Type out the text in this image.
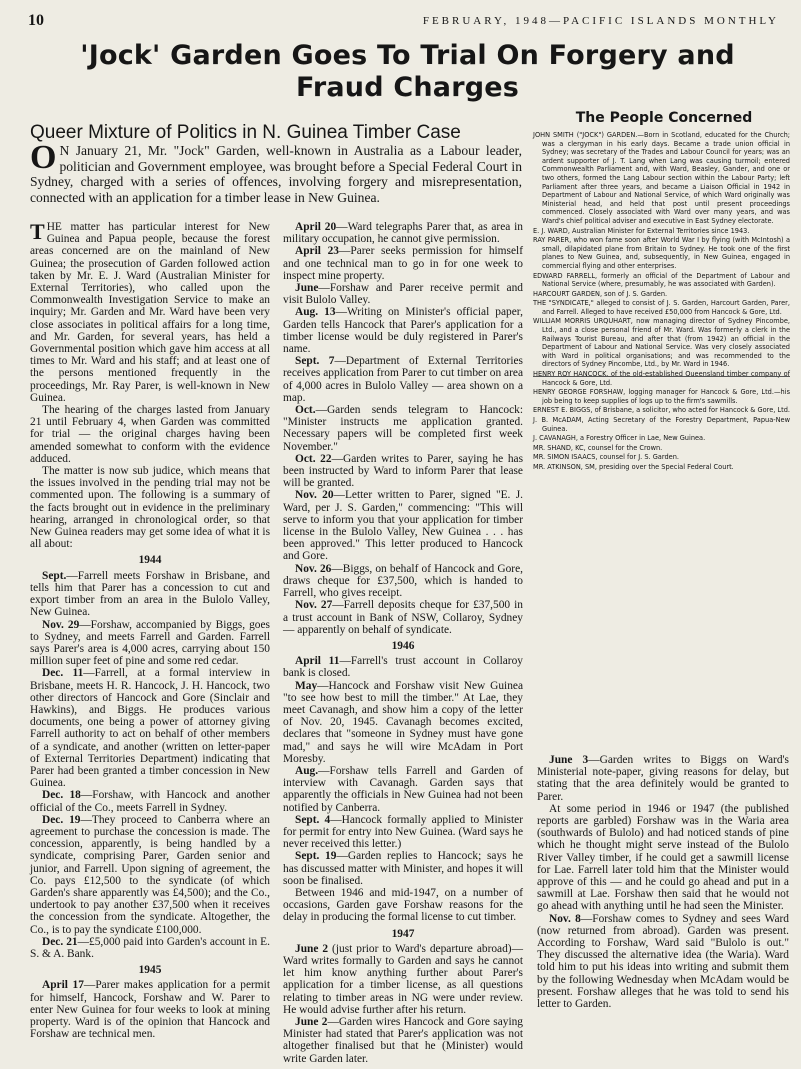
10	FEBRUARY, 1948—PACIFIC ISLANDS MONTHLY
'Jock' Garden Goes To Trial On Forgery and Fraud Charges
Queer Mixture of Politics in N. Guinea Timber Case
O N January 21, Mr. "Jock" Garden, well-known in Australia as a Labour leader, politician and Government employee, was brought before a Special Federal Court in Sydney, charged with a series of offences, involving forgery and misrepresentation, connected with an application for a timber lease in New Guinea.
The People Concerned

JOHN SMITH ("JOCK") GARDEN.—Born in Scotland, educated for the Church; was a clergyman in his early days. Became a trade union official in Sydney; was secretary of the Trades and Labour Council for years; was an ardent supporter of J. T. Lang when Lang was causing turmoil; entered Commonwealth Parliament and, with Ward, Beasley, Gander, and one or two others, formed the Lang Labour section within the Labour Party; left Parliament after three years, and became a Liaison Official in 1942 in Department of Labour and National Service, of which Ward originally was Ministerial head, and held that post until present proceedings commenced. Closely associated with Ward over many years, and was Ward's chief political adviser and executive in East Sydney electorate.

E. J. WARD, Australian Minister for External Territories since 1943.

RAY PARER, who won fame soon after World War I by flying (with McIntosh) a small, dilapidated plane from Britain to Sydney. He took one of the first planes to New Guinea, and, subsequently, in New Guinea, engaged in commercial flying and other enterprises.

EDWARD FARRELL, formerly an official of the Department of Labour and National Service (where, presumably, he was associated with Garden).

HARCOURT GARDEN, son of J. S. Garden.

THE "SYNDICATE," alleged to consist of J. S. Garden, Harcourt Garden, Parer, and Farrell. Alleged to have received £50,000 from Hancock & Gore, Ltd.

WILLIAM MORRIS URQUHART, now managing director of Sydney Pincombe, Ltd., and a close personal friend of Mr. Ward. Was formerly a clerk in the Railways Tourist Bureau, and after that (from 1942) an official in the Department of Labour and National Service. Was very closely associated with Ward in political organisations; and was recommended to the directors of Sydney Pincombe, Ltd., by Mr. Ward in 1946.

HENRY ROY HANCOCK, of the old-established Queensland timber company of Hancock & Gore, Ltd.

HENRY GEORGE FORSHAW, logging manager for Hancock & Gore, Ltd.—his job being to keep supplies of logs up to the firm's sawmills.

ERNEST E. BIGGS, of Brisbane, a solicitor, who acted for Hancock & Gore, Ltd.

J. B. McADAM, Acting Secretary of the Forestry Department, Papua-New Guinea.

J. CAVANAGH, a Forestry Officer in Lae, New Guinea.

MR. SHAND, KC, counsel for the Crown.

MR. SIMON ISAACS, counsel for J. S. Garden.

MR. ATKINSON, SM, presiding over the Special Federal Court.

THE matter has particular interest for New Guinea and Papua people, because the forest areas concerned are on the mainland of New Guinea; the prosecution of Garden followed action taken by Mr. E. J. Ward (Australian Minister for External Territories), who called upon the Commonwealth Investigation Service to make an inquiry; Mr. Garden and Mr. Ward have been very close associates in political affairs for a long time, and Mr. Garden, for several years, has held a Governmental position which gave him access at all times to Mr. Ward and his staff; and at least one of the persons mentioned frequently in the proceedings, Mr. Ray Parer, is well-known in New Guinea.

The hearing of the charges lasted from January 21 until February 4, when Garden was committed for trial — the original charges having been amended somewhat to conform with the evidence adduced.

The matter is now sub judice, which means that the issues involved in the pending trial may not be commented upon. The following is a summary of the facts brought out in evidence in the preliminary hearing, arranged in chronological order, so that New Guinea readers may get some idea of what it is all about:

1944

Sept.—Farrell meets Forshaw in Brisbane, and tells him that Parer has a concession to cut and export timber from an area in the Bulolo Valley, New Guinea.

Nov. 29—Forshaw, accompanied by Biggs, goes to Sydney, and meets Farrell and Garden. Farrell says Parer's area is 4,000 acres, carrying about 150 million super feet of pine and some red cedar.

Dec. 11—Farrell, at a formal interview in Brisbane, meets H. R. Hancock, J. H. Hancock, two other directors of Hancock and Gore (Sinclair and Hawkins), and Biggs. He produces various documents, one being a power of attorney giving Farrell authority to act on behalf of other members of a syndicate, and another (written on letter-paper of External Territories Department) indicating that Parer had been granted a timber concession in New Guinea.

Dec. 18—Forshaw, with Hancock and another official of the Co., meets Farrell in Sydney.

Dec. 19—They proceed to Canberra where an agreement to purchase the concession is made. The concession, apparently, is being handled by a syndicate, comprising Parer, Garden senior and junior, and Farrell. Upon signing of agreement, the Co. pays £12,500 to the syndicate (of which Garden's share apparently was £4,500); and the Co., undertook to pay another £37,500 when it receives the concession from the syndicate. Altogether, the Co., is to pay the syndicate £100,000.

Dec. 21—£5,000 paid into Garden's account in E. S. & A. Bank.

1945

April 17—Parer makes application for a permit for himself, Hancock, Forshaw and W. Parer to enter New Guinea for four weeks to look at mining property. Ward is of the opinion that Hancock and Forshaw are technical men.

April 20—Ward telegraphs Parer that, as area in military occupation, he cannot give permission.

April 23—Parer seeks permission for himself and one technical man to go in for one week to inspect mine property.

June—Forshaw and Parer receive permit and visit Bulolo Valley.

Aug. 13—Writing on Minister's official paper, Garden tells Hancock that Parer's application for a timber license would be duly registered in Parer's name.

Sept. 7—Department of External Territories receives application from Parer to cut timber on area of 4,000 acres in Bulolo Valley — area shown on a map.

Oct.—Garden sends telegram to Hancock: "Minister instructs me application granted. Necessary papers will be completed first week November."

Oct. 22—Garden writes to Parer, saying he has been instructed by Ward to inform Parer that lease will be granted.

Nov. 20—Letter written to Parer, signed "E. J. Ward, per J. S. Garden," commencing: "This will serve to inform you that your application for timber license in the Bulolo Valley, New Guinea . . . has been approved." This letter produced to Hancock and Gore.

Nov. 26—Biggs, on behalf of Hancock and Gore, draws cheque for £37,500, which is handed to Farrell, who gives receipt.

Nov. 27—Farrell deposits cheque for £37,500 in a trust account in Bank of NSW, Collaroy, Sydney — apparently on behalf of syndicate.

1946

April 11—Farrell's trust account in Collaroy bank is closed.

May—Hancock and Forshaw visit New Guinea "to see how best to mill the timber." At Lae, they meet Cavanagh, and show him a copy of the letter of Nov. 20, 1945. Cavanagh becomes excited, declares that "someone in Sydney must have gone mad," and says he will wire McAdam in Port Moresby.

Aug.—Forshaw tells Farrell and Garden of interview with Cavanagh. Garden says that apparently the officials in New Guinea had not been notified by Canberra.

Sept. 4—Hancock formally applied to Minister for permit for entry into New Guinea. (Ward says he never received this letter.)

Sept. 19—Garden replies to Hancock; says he has discussed matter with Minister, and hopes it will soon be finalised.

Between 1946 and mid-1947, on a number of occasions, Garden gave Forshaw reasons for the delay in producing the formal license to cut timber.

1947

June 2 (just prior to Ward's departure abroad)—Ward writes formally to Garden and says he cannot let him know anything further about Parer's application for a timber license, as all questions relating to timber areas in NG were under review. He would advise further after his return.

June 2—Garden wires Hancock and Gore saying Minister had stated that Parer's application was not altogether finalised but that he (Minister) would write Garden later.

June 3—Garden writes to Biggs on Ward's Ministerial note-paper, giving reasons for delay, but stating that the area definitely would be granted to Parer.

At some period in 1946 or 1947 (the published reports are garbled) Forshaw was in the Waria area (southwards of Bulolo) and had noticed stands of pine which he thought might serve instead of the Bulolo River Valley timber, if he could get a sawmill license for Lae. Farrell later told him that the Minister would approve of this — and he could go ahead and put in a sawmill at Lae. Forshaw then said that he would not go ahead with anything until he had seen the Minister.

Nov. 8—Forshaw comes to Sydney and sees Ward (now returned from abroad). Garden was present. According to Forshaw, Ward said "Bulolo is out." They discussed the alternative idea (the Waria). Ward told him to put his ideas into writing and submit them by the following Wednesday when McAdam would be present. Forshaw alleges that he was told to send his letter to Garden.
